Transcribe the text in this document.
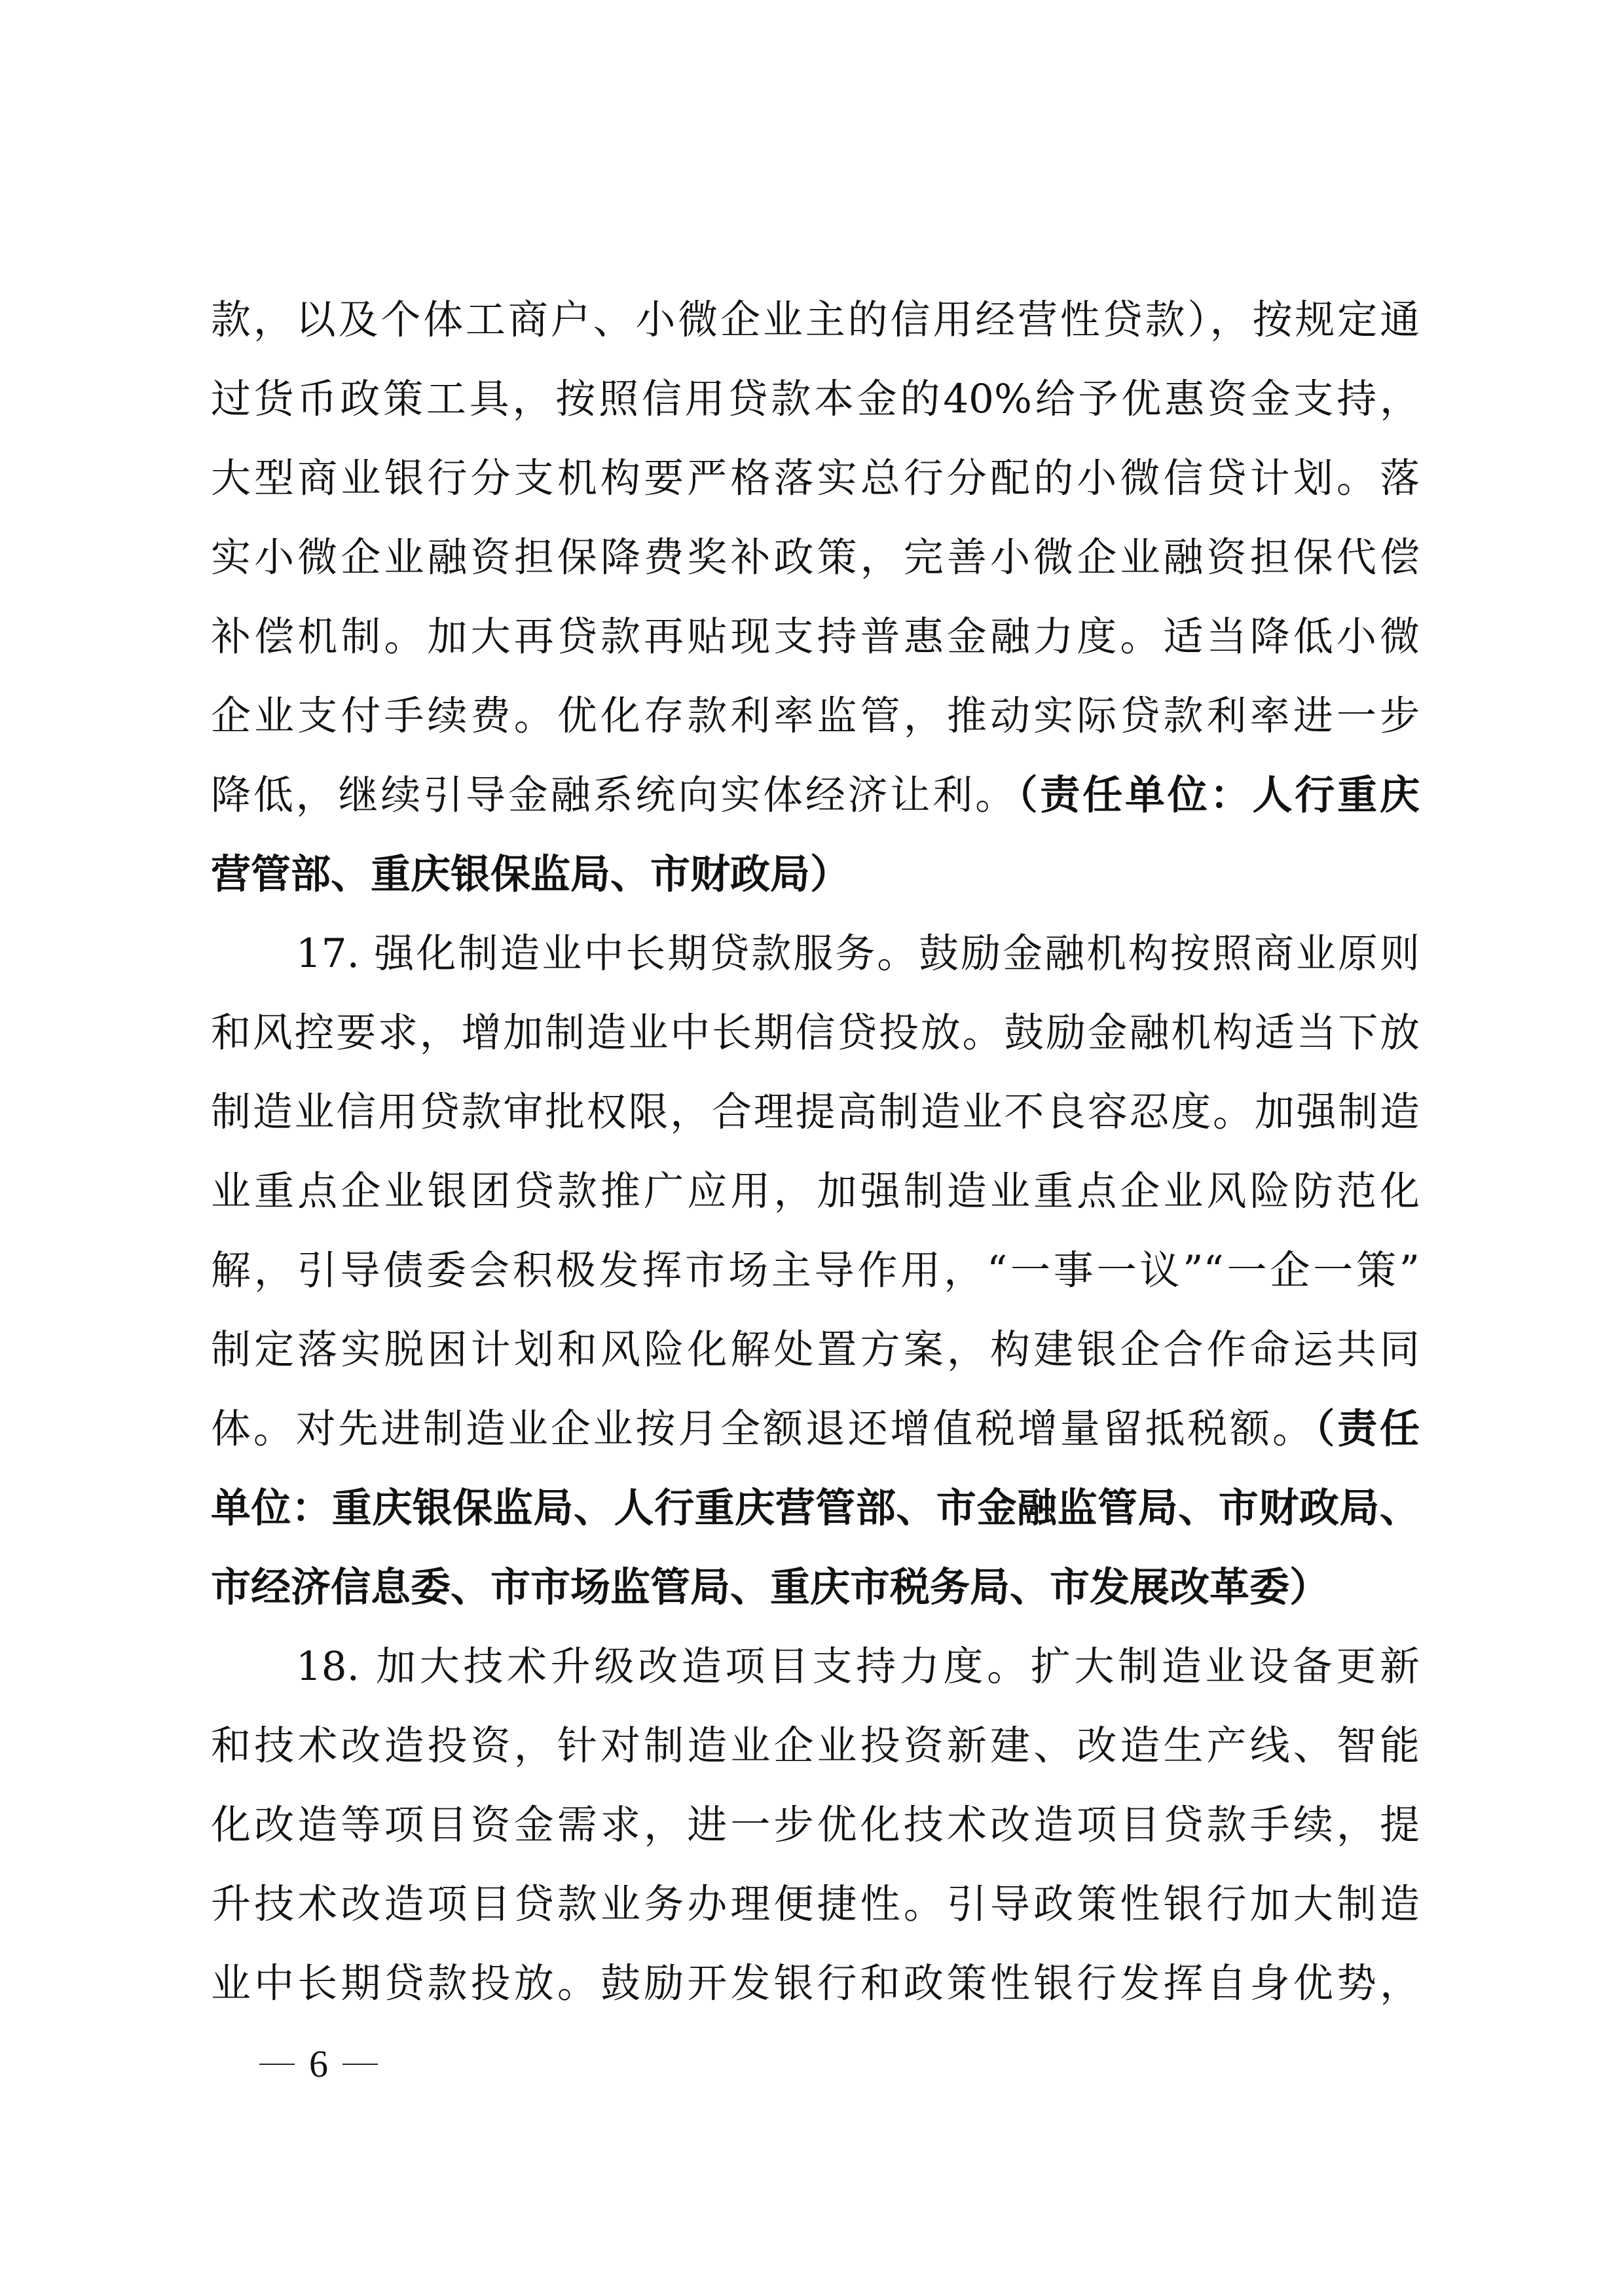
款，以及个体工商户、小微企业主的信用经营性贷款），按规定通
过货币政策工具，按照信用贷款本金的40%给予优惠资金支持，
大型商业银行分支机构要严格落实总行分配的小微信贷计划。落
实小微企业融资担保降费奖补政策，完善小微企业融资担保代偿
补偿机制。加大再贷款再贴现支持普惠金融力度。适当降低小微
企业支付手续费。优化存款利率监管，推动实际贷款利率进一步
降低，继续引导金融系统向实体经济让利。（责任单位：人行重庆
营管部、重庆银保监局、市财政局）
17. 强化制造业中长期贷款服务。鼓励金融机构按照商业原则
和风控要求，增加制造业中长期信贷投放。鼓励金融机构适当下放
制造业信用贷款审批权限，合理提高制造业不良容忍度。加强制造
业重点企业银团贷款推广应用，加强制造业重点企业风险防范化
解，引导债委会积极发挥市场主导作用，“一事一议”“一企一策”
制定落实脱困计划和风险化解处置方案，构建银企合作命运共同
体。对先进制造业企业按月全额退还增值税增量留抵税额。（责任
单位：重庆银保监局、人行重庆营管部、市金融监管局、市财政局、
市经济信息委、市市场监管局、重庆市税务局、市发展改革委）
18. 加大技术升级改造项目支持力度。扩大制造业设备更新
和技术改造投资，针对制造业企业投资新建、改造生产线、智能
化改造等项目资金需求，进一步优化技术改造项目贷款手续，提
升技术改造项目贷款业务办理便捷性。引导政策性银行加大制造
业中长期贷款投放。鼓励开发银行和政策性银行发挥自身优势，
6
